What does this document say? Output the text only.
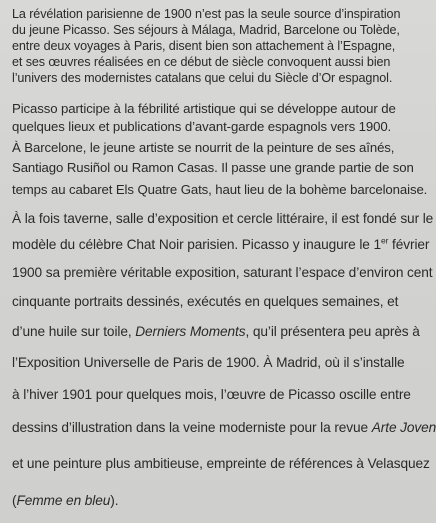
La révélation parisienne de 1900 n’est pas la seule source d’inspiration
du jeune Picasso. Ses séjours à Málaga, Madrid, Barcelone ou Tolède,
entre deux voyages à Paris, disent bien son attachement à l’Espagne,
et ses œuvres réalisées en ce début de siècle convoquent aussi bien
l’univers des modernistes catalans que celui du Siècle d’Or espagnol.
Picasso participe à la fébrilité artistique qui se développe autour de
quelques lieux et publications d’avant-garde espagnols vers 1900.
À Barcelone, le jeune artiste se nourrit de la peinture de ses aînés,
Santiago Rusiñol ou Ramon Casas. Il passe une grande partie de son
temps au cabaret Els Quatre Gats, haut lieu de la bohème barcelonaise.
À la fois taverne, salle d’exposition et cercle littéraire, il est fondé sur le
modèle du célèbre Chat Noir parisien. Picasso y inaugure le 1er février
1900 sa première véritable exposition, saturant l’espace d’environ cent
cinquante portraits dessinés, exécutés en quelques semaines, et
d’une huile sur toile, Derniers Moments, qu’il présentera peu après à
l’Exposition Universelle de Paris de 1900. À Madrid, où il s’installe
à l’hiver 1901 pour quelques mois, l’œuvre de Picasso oscille entre
dessins d’illustration dans la veine moderniste pour la revue Arte Joven
et une peinture plus ambitieuse, empreinte de références à Velasquez
(Femme en bleu).
